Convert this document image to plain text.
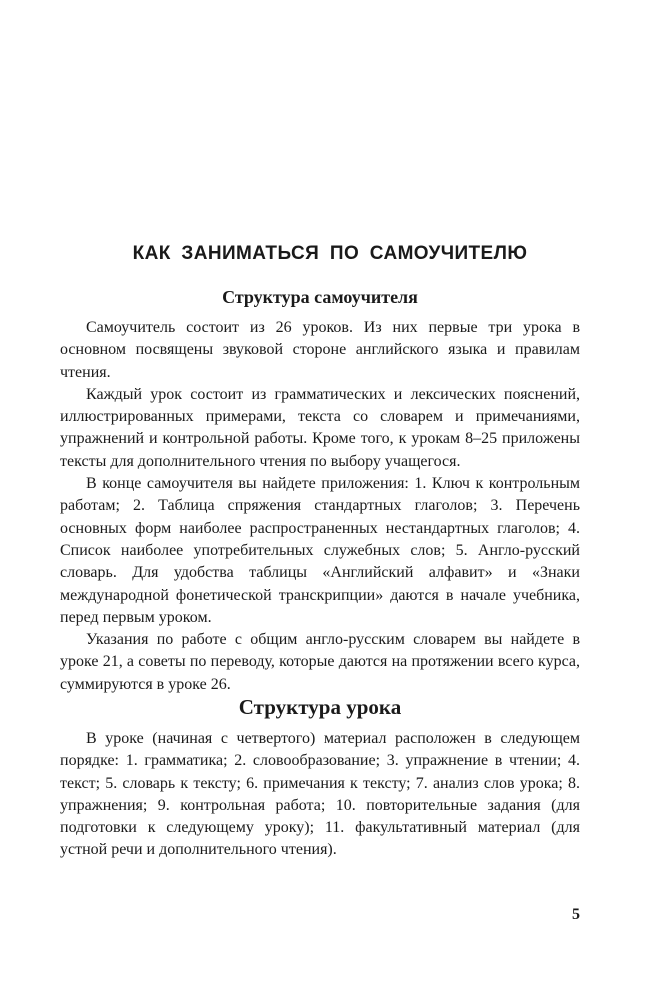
КАК ЗАНИМАТЬСЯ ПО САМОУЧИТЕЛЮ
Структура самоучителя

Самоучитель состоит из 26 уроков. Из них первые три урока в основном посвящены звуковой стороне английского языка и правилам чтения.

Каждый урок состоит из грамматических и лексических пояснений, иллюстрированных примерами, текста со словарем и примечаниями, упражнений и контрольной работы. Кроме того, к урокам 8–25 приложены тексты для дополнительного чтения по выбору учащегося.

В конце самоучителя вы найдете приложения: 1. Ключ к контрольным работам; 2. Таблица спряжения стандартных глаголов; 3. Перечень основных форм наиболее распространенных нестандартных глаголов; 4. Список наиболее употребительных служебных слов; 5. Англо-русский словарь. Для удобства таблицы «Английский алфавит» и «Знаки международной фонетической транскрипции» даются в начале учебника, перед первым уроком.

Указания по работе с общим англо-русским словарем вы найдете в уроке 21, а советы по переводу, которые даются на протяжении всего курса, суммируются в уроке 26.

Структура урока

В уроке (начиная с четвертого) материал расположен в следующем порядке: 1. грамматика; 2. словообразование; 3. упражнение в чтении; 4. текст; 5. словарь к тексту; 6. примечания к тексту; 7. анализ слов урока; 8. упражнения; 9. контрольная работа; 10. повторительные задания (для подготовки к следующему уроку); 11. факультативный материал (для устной речи и дополнительного чтения).

5
